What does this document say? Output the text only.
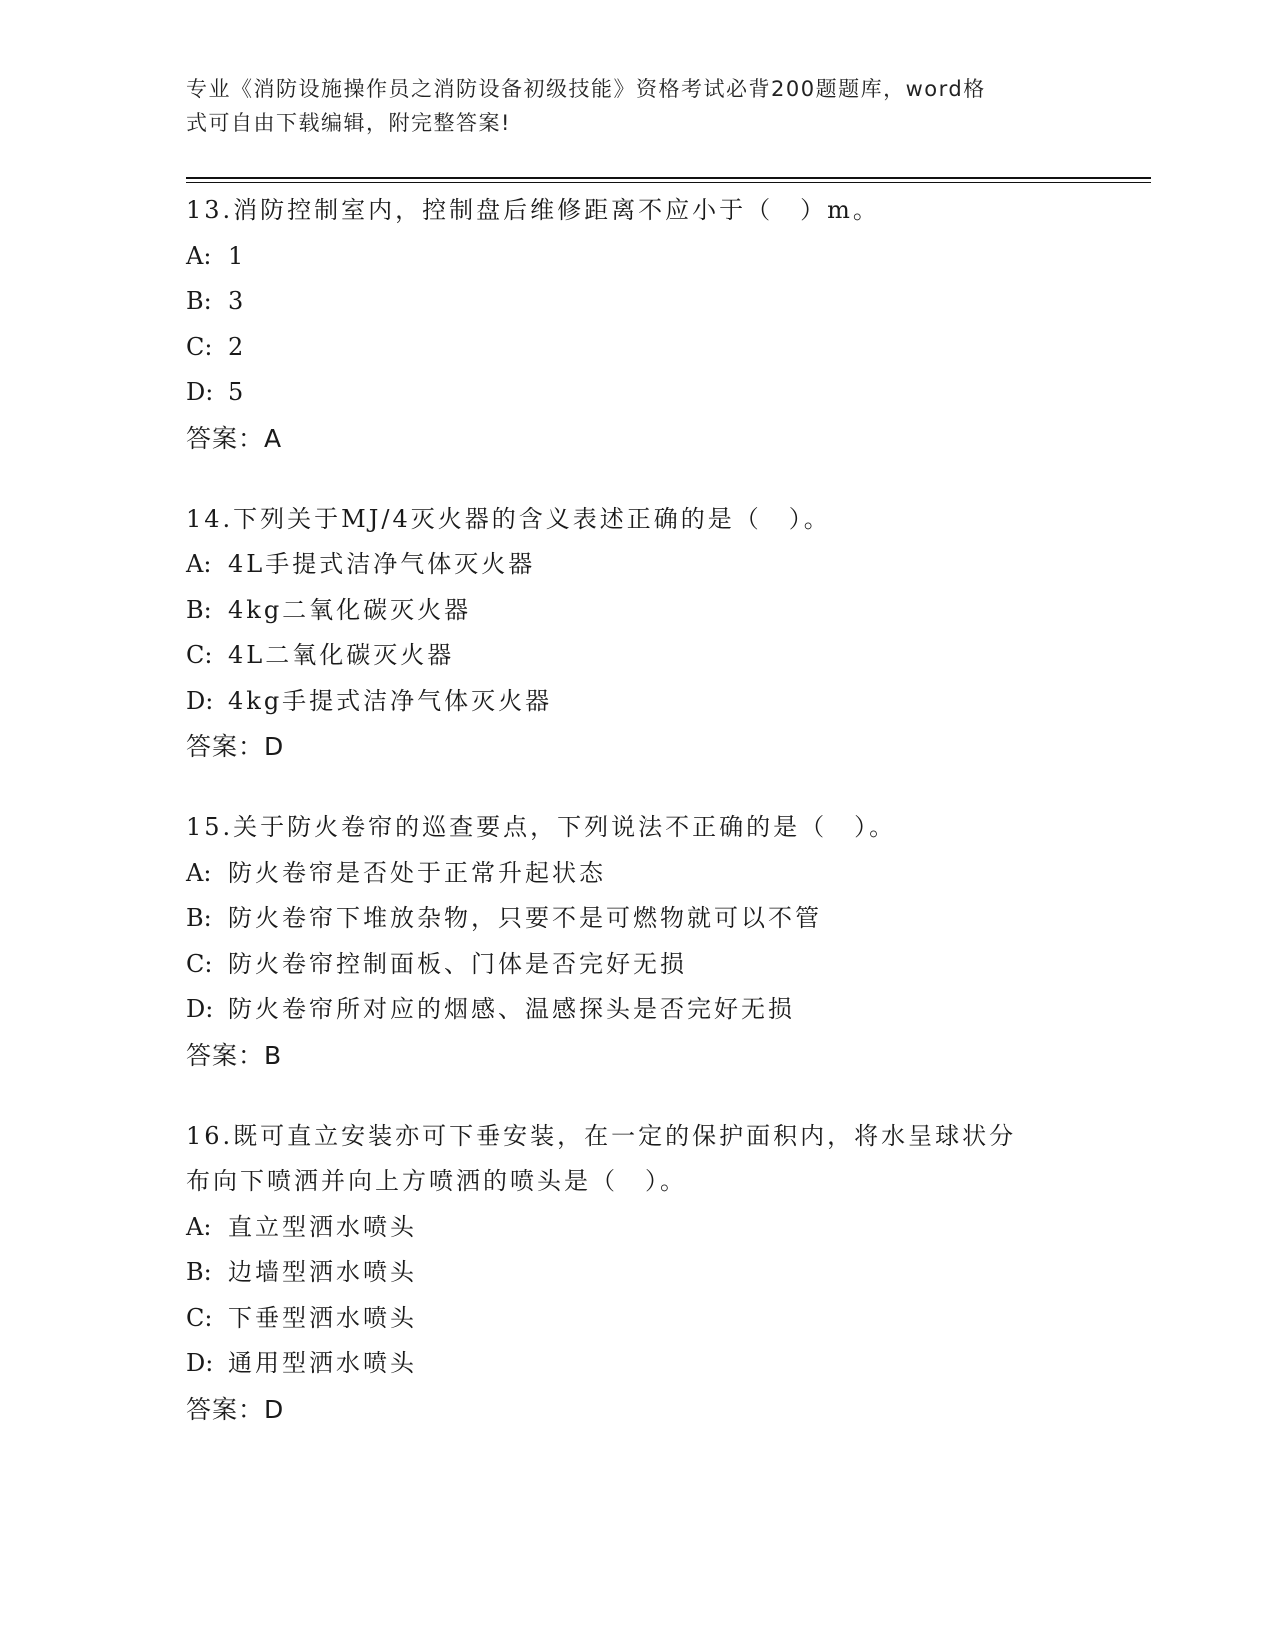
专业《消防设施操作员之消防设备初级技能》资格考试必背200题题库，word格
式可自由下载编辑，附完整答案!

13.消防控制室内，控制盘后维修距离不应小于（　）m。

A: 1

B: 3

C: 2

D: 5

答案：A

14.下列关于MJ/4灭火器的含义表述正确的是（　）。

A: 4L手提式洁净气体灭火器

B: 4kg二氧化碳灭火器

C: 4L二氧化碳灭火器

D: 4kg手提式洁净气体灭火器

答案：D

15.关于防火卷帘的巡查要点，下列说法不正确的是（　）。

A: 防火卷帘是否处于正常升起状态

B: 防火卷帘下堆放杂物，只要不是可燃物就可以不管

C: 防火卷帘控制面板、门体是否完好无损

D: 防火卷帘所对应的烟感、温感探头是否完好无损

答案：B

16.既可直立安装亦可下垂安装，在一定的保护面积内，将水呈球状分

布向下喷洒并向上方喷洒的喷头是（　）。

A: 直立型洒水喷头

B: 边墙型洒水喷头

C: 下垂型洒水喷头

D: 通用型洒水喷头

答案：D
